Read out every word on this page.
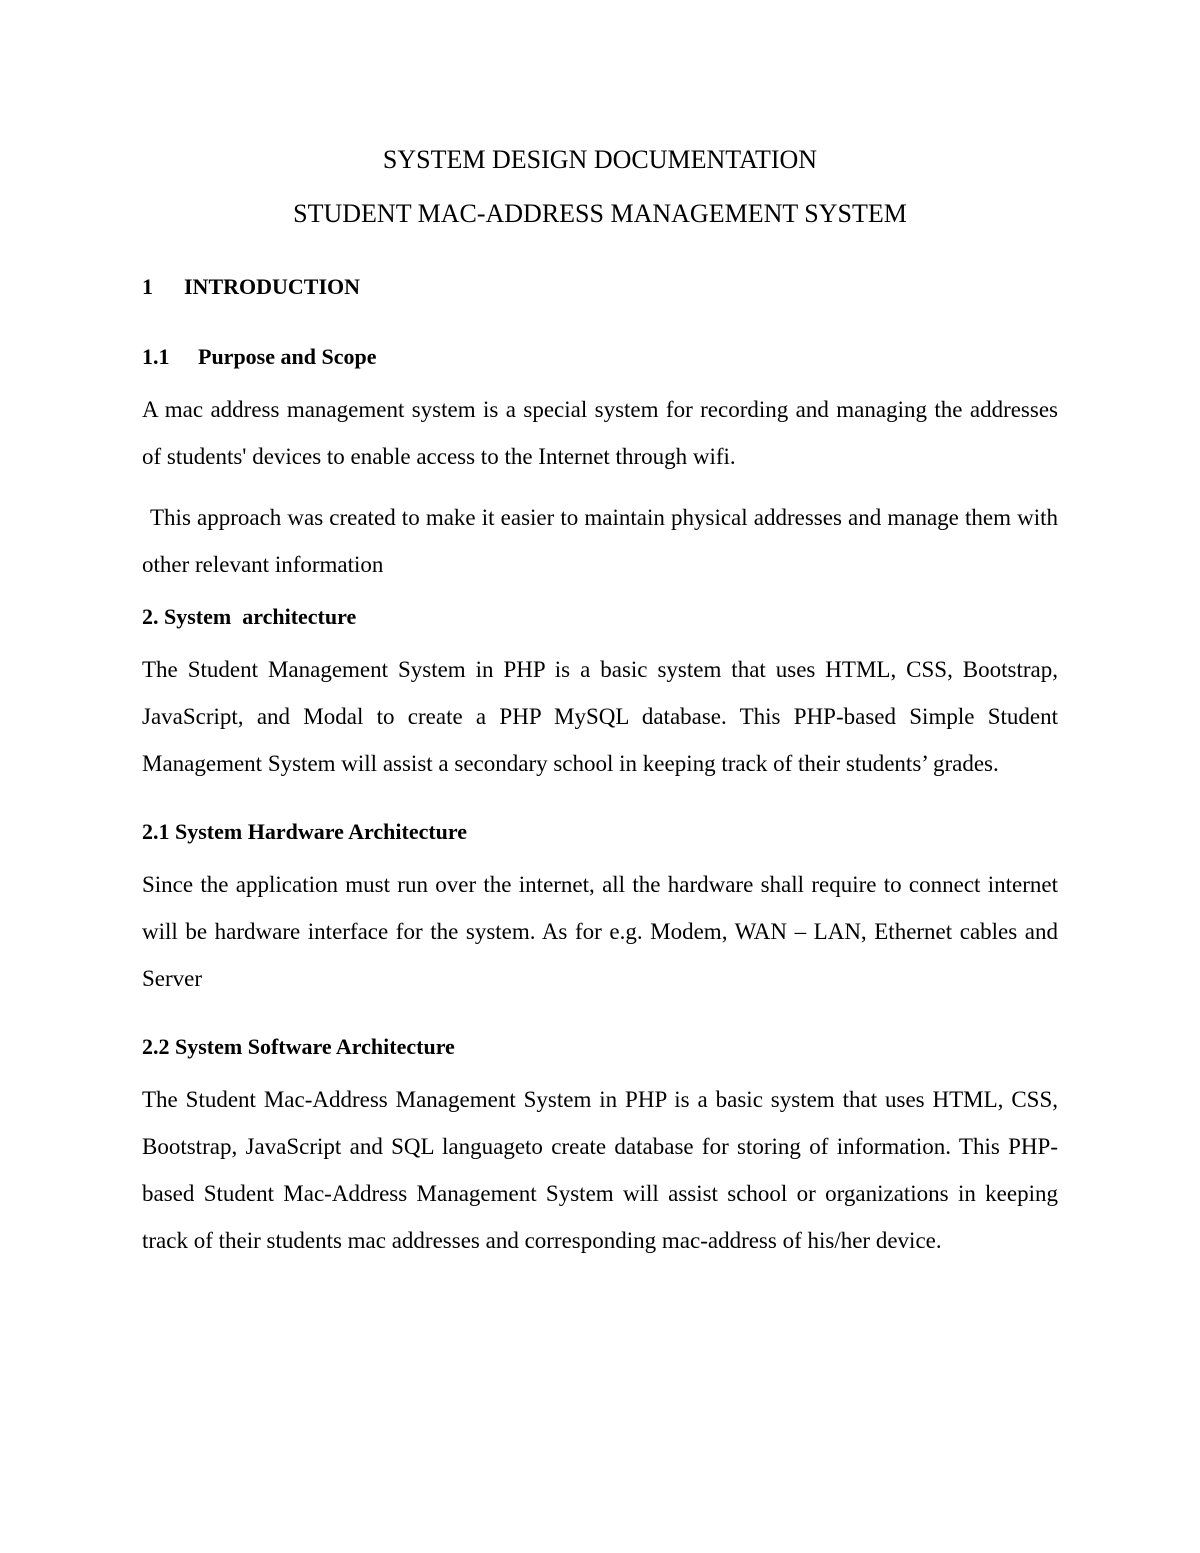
SYSTEM DESIGN DOCUMENTATION

STUDENT MAC-ADDRESS MANAGEMENT SYSTEM

1 INTRODUCTION
1.1 Purpose and Scope

A mac address management system is a special system for recording and managing the addresses of students' devices to enable access to the Internet through wifi.

This approach was created to make it easier to maintain physical addresses and manage them with other relevant information

2. System  architecture

The Student Management System in PHP is a basic system that uses HTML, CSS, Bootstrap, JavaScript, and Modal to create a PHP MySQL database. This PHP-based Simple Student Management System will assist a secondary school in keeping track of their students’ grades.

2.1 System Hardware Architecture

Since the application must run over the internet, all the hardware shall require to connect internet will be hardware interface for the system. As for e.g. Modem, WAN – LAN, Ethernet cables and Server

2.2 System Software Architecture

The Student Mac-Address Management System in PHP is a basic system that uses HTML, CSS, Bootstrap, JavaScript and SQL languageto create database for storing of information. This PHP-based Student Mac-Address Management System will assist school or organizations in keeping track of their students mac addresses and corresponding mac-address of his/her device.
